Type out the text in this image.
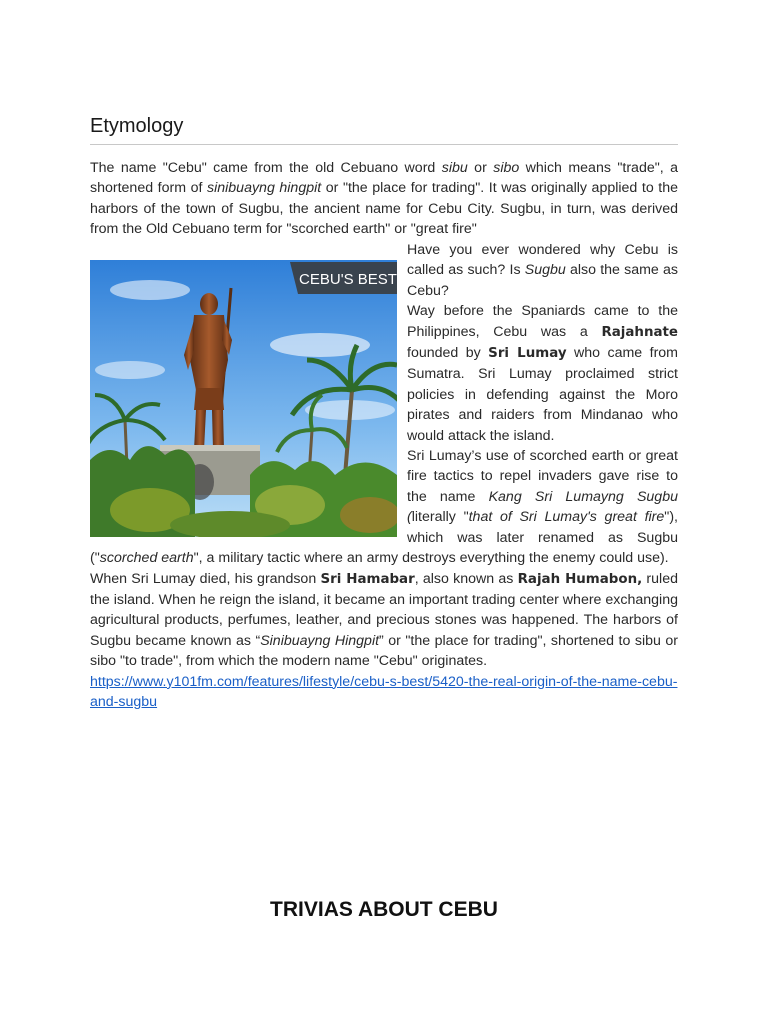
Etymology

The name "Cebu" came from the old Cebuano word sibu or sibo which means "trade", a shortened form of sinibuayng hingpit or "the place for trading". It was originally applied to the harbors of the town of Sugbu, the ancient name for Cebu City. Sugbu, in turn, was derived from the Old Cebuano term for "scorched earth" or "great fire"

CEBU'S BEST

Have you ever wondered why Cebu is called as such? Is Sugbu also the same as Cebu?

Way before the Spaniards came to the Philippines, Cebu was a Rajahnate founded by Sri Lumay who came from Sumatra. Sri Lumay proclaimed strict policies in defending against the Moro pirates and raiders from Mindanao who would attack the island.

Sri Lumay’s use of scorched earth or great fire tactics to repel invaders gave rise to the name Kang Sri Lumayng Sugbu (literally "that of Sri Lumay's great fire"), which was later renamed as Sugbu ("scorched earth", a military tactic where an army destroys everything the enemy could use).

When Sri Lumay died, his grandson Sri Hamabar, also known as Rajah Humabon, ruled the island. When he reign the island, it became an important trading center where exchanging agricultural products, perfumes, leather, and precious stones was happened. The harbors of Sugbu became known as “Sinibuayng Hingpit” or "the place for trading", shortened to sibu or sibo "to trade", from which the modern name "Cebu" originates.

https://www.y101fm.com/features/lifestyle/cebu-s-best/5420-the-real-origin-of-the-name-cebu-and-sugbu
TRIVIAS ABOUT CEBU
